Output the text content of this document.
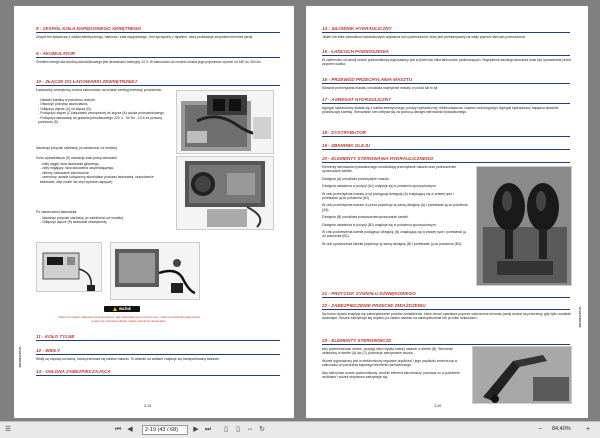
8 - ZESPÓŁ KOŁA NAPĘDOWEGO SKRĘTNEGO
Zespół ten składa się z silnika elektrycznego, hamulca i koła napędowego. Jest sprzężony z dyszlem, który przekazuje zespołowi kierunek jazdy.
9 - AKUMULATOR
Źródłem energii dla wózka podnośnikowego jest akumulator trakcyjny 24 V. W zależności od modelu wózka jego pojemność wynosi od 180 do 300 Ah.
10 - ZŁĄCZE DO ŁADOWARKI ZEWNĘTRZNEJ
Ładowarkę zewnętrzną można zamocować na ścianie według instrukcji producenta.
- Ustawić karetkę w położeniu dolnym,
- Otworzyć pokrywę akumulatora,
- Odłączyć złącze (A) od złącza (B),
- Podłączyć złącze (C) ładowarki zewnętrznej do złącza (A) wózka podnośnikowego,
- Podłączyć ładowarkę do gniazda jednofazowego 220 V - 50 Hz - 10 A za pomocą przewodu (D).
Nacisnąć przycisk start/stop (w zależności od modelu).
Kolor wyświetlacza (E) wskazuje stan pracy ładowarki:
- żółty ciągły: faza ładowania głównego,
- żółty migający: faza ładowania uzupełniającego,
- zielony: ładowanie zakończone,
- czerwony: awaria (odłączony akumulator podczas ładowania, uszkodzenie ładowarki, zbyt niskie lub zbyt wysokie napięcie).
Po zakończeniu ładowania:
- Nacisnąć przycisk start/stop (w zależności od modelu),
- Odłączyć złącze (B) ładowarki zewnętrznej.
WAŻNE
Wtyki nie należy odłączać od akumulatora, gdy ładowarka jest uruchomiona. Jeśli na wskaźniku ładowania pojawi się czerwona dioda, należy wymienić akumulator.
11 - KOŁO TYLNE
12 - WIDŁY
Widły są częścią ruchomą, która przesuwa się wzdłuż masztu. To właśnie na widłach znajduje się transportowany ładunek.
13 - OSŁONA ZABEZPIECZAJĄCA
4931561025-PL
3-19
14 - SIŁOWNIK HYDRAULICZNY
Jeden lub kilka siłowników hydraulicznych wytwarza ruch podnoszenia, który jest przekazywany na widły poprzez łańcuch podnoszenia.
15 - ŁAŃCUCH PODNOSZENIA
W zależności od wersji wózek podnośnikowy wyposażony jest w jeden lub kilka łańcuchów podnoszących. Naprężenie każdego łańcucha musi być sprawdzane przed użyciem wózka.
16 - PRZEWÓD PRZECHYLANIA MASZTU
Siłownik przechylania masztu umożliwia nachylenie masztu w przód lub w tył.
17 - AGREGAT HYDRAULICZNY
Agregat hydrauliczny składa się z silnika elektrycznego, pompy hydraulicznej, elektrozaworów i zaworu redukcyjnego. Agregat hydrauliczny napędza siłowniki podnoszący karetkę. Sterowanie nim odbywa się za pomocą dźwigni sterowania hydraulicznego.
18 - DYSTRYBUTOR
19 - ZBIORNIK OLEJU
20 - ELEMENTY STEROWANIA HYDRAULICZNEGO
Elementy sterowania hydraulicznego umożliwiają przechylanie masztu oraz podnoszenie/ opuszczanie karetki.
Dźwignia (A) umożliwia przechylanie masztu.
Dźwignia ustawiona w pozycji (A1) znajduje się w położeniu spoczynkowym.
W celu przechylenia masztu w tył pociągnąć dźwignię (A) znajdującą się w prawej ręce i przestawić ją do położenia (A2).
W celu przechylenia masztu w przód popchnąć tą samą dźwignię (A) i przestawić ją do położenia (A3).
Dźwignia (B) umożliwia podnoszenie/opuszczanie karetki.
Dźwignia ustawiona w pozycji (B1) znajduje się w położeniu spoczynkowym.
W celu podniesienia karetki pociągnąć dźwignię (B) znajdującą się w prawej ręce i przestawić ją do położenia (B2).
W celu opuszczenia karetki popchnąć tę samą dźwignię (B) i przestawić ją do położenia (B3).
21 - PRZYCISK SYGNAŁU DŹWIĘKOWEGO
22 - ZABEZPIECZENIE PRZECIW ZMIAŻDŻENIU
Na końcu dyszla znajduje się zabezpieczenie przeciw zmiażdżeniu, które chroni operatora poprzez odwrócenie kierunku jazdy wózka na przeciwny, gdy tylko zostanie dociśnięte. Wózek zatrzymuje się dopiero po zaniku nacisku na zabezpieczenie lub po kilku sekundach.
23 - ELEMENTY STEROWNICZE
Aby przemieszczać wózek, pozycję steru dyszla należy ustawić w strefie (B). Sterownik ustawiony w strefie (A) lub (C) powoduje zatrzymanie wózka.
Wózek wyposażony jest w elektroniczny regulator prędkości i jego prędkość zmienia się w zależności od położenia kątowego elementu sterowniczego.
Aby zatrzymać wózek podnośnikowy, zwolnić element sterowniczy: powraca on w położenie neutralne i wózek stopniowo zatrzymuje się.
4931561025-PL
3-20
☰	⏮ ◀	2-19 (43 / 68)	▶ ⏭ ▯ ▯ ⇔ ↻	−	84,40% +
